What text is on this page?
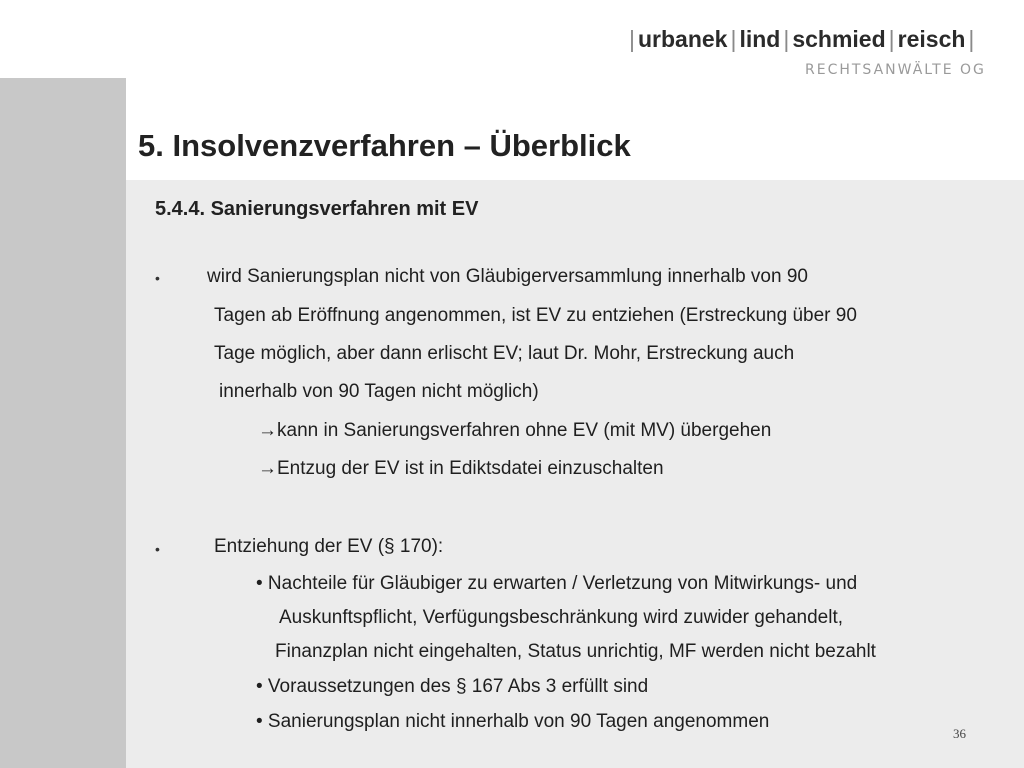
| urbanek | lind | schmied | reisch |
RECHTSANWÄLTE OG
5. Insolvenzverfahren – Überblick
5.4.4. Sanierungsverfahren mit EV
• wird Sanierungsplan nicht von Gläubigerversammlung innerhalb von 90
Tagen ab Eröffnung angenommen, ist EV zu entziehen (Erstreckung über 90
Tage möglich, aber dann erlischt EV; laut Dr. Mohr, Erstreckung auch
innerhalb von 90 Tagen nicht möglich)
→kann in Sanierungsverfahren ohne EV (mit MV) übergehen
→Entzug der EV ist in Ediktsdatei einzuschalten
•	Entziehung der EV (§ 170):
• Nachteile für Gläubiger zu erwarten / Verletzung von Mitwirkungs- und
Auskunftspflicht, Verfügungsbeschränkung wird zuwider gehandelt,
Finanzplan nicht eingehalten, Status unrichtig, MF werden nicht bezahlt
• Voraussetzungen des § 167 Abs 3 erfüllt sind
• Sanierungsplan nicht innerhalb von 90 Tagen angenommen
36
